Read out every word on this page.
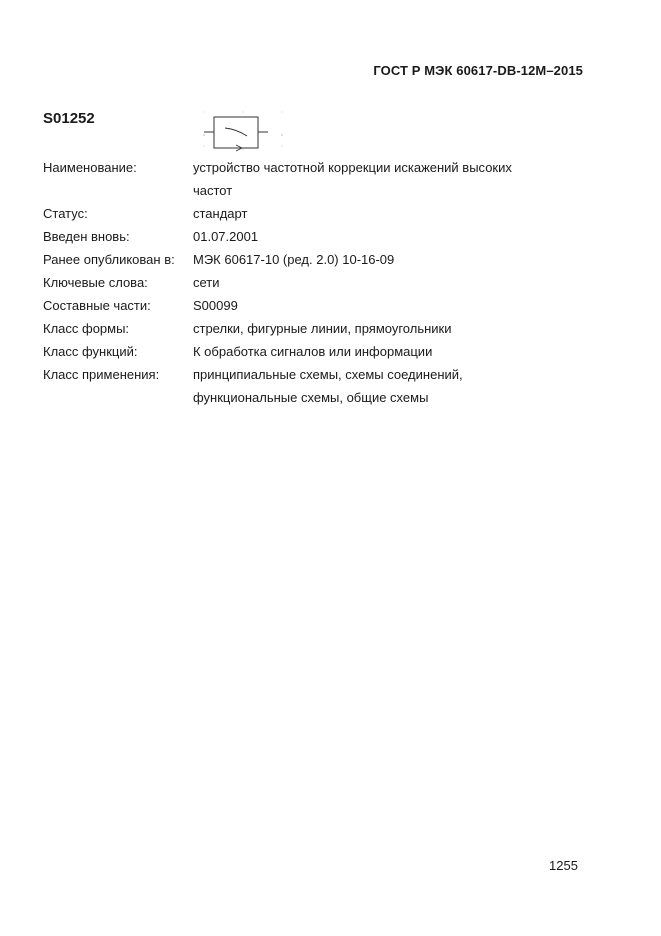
ГОСТ Р МЭК 60617-DB-12M–2015
S01252
Наименование:	устройство частотной коррекции искажений высоких
частот
Статус:	стандарт
Введен вновь:	01.07.2001
Ранее опубликован в:	МЭК 60617-10 (ред. 2.0) 10-16-09
Ключевые слова:	сети
Составные части:	S00099
Класс формы:	стрелки, фигурные линии, прямоугольники
Класс функций:	К обработка сигналов или информации
Класс применения:	принципиальные схемы, схемы соединений,
функциональные схемы, общие схемы
1255
